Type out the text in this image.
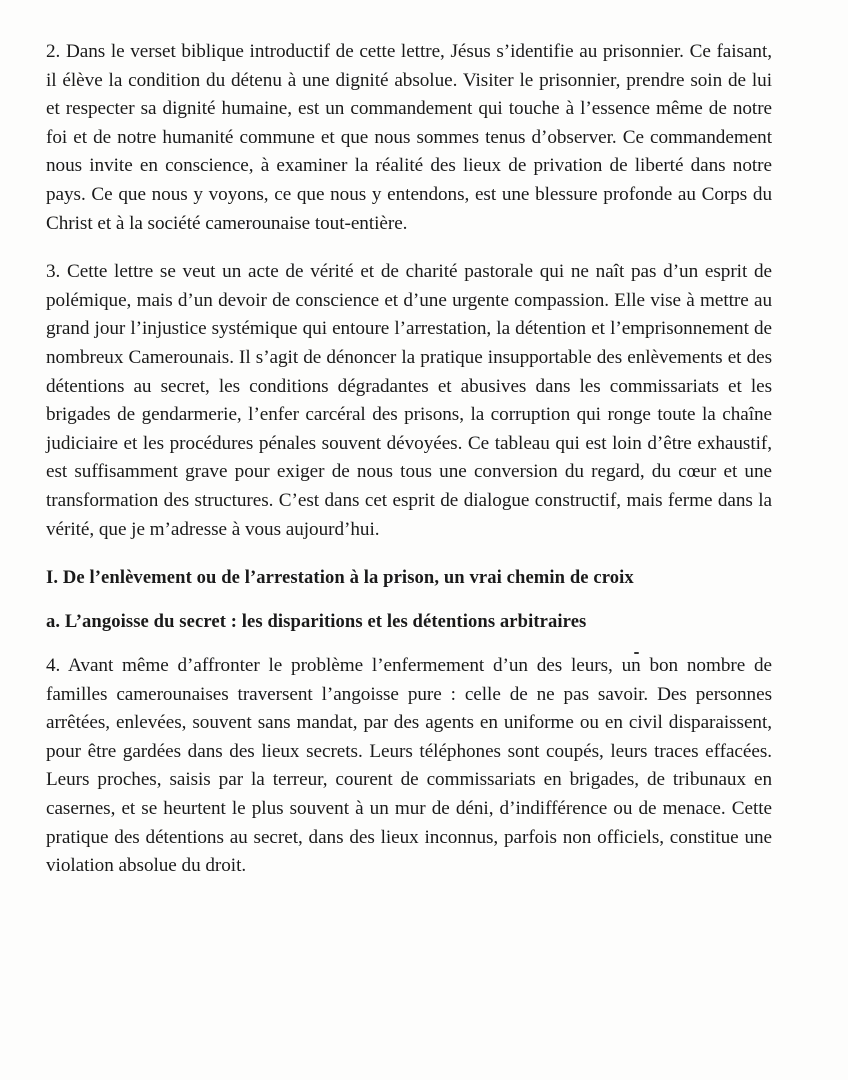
2. Dans le verset biblique introductif de cette lettre, Jésus s’identifie au prisonnier. Ce faisant, il élève la condition du détenu à une dignité absolue. Visiter le prisonnier, prendre soin de lui et respecter sa dignité humaine, est un commandement qui touche à l’essence même de notre foi et de notre humanité commune et que nous sommes tenus d’observer. Ce commandement nous invite en conscience, à examiner la réalité des lieux de privation de liberté dans notre pays. Ce que nous y voyons, ce que nous y entendons, est une blessure profonde au Corps du Christ et à la société camerounaise tout-entière.

3. Cette lettre se veut un acte de vérité et de charité pastorale qui ne naît pas d’un esprit de polémique, mais d’un devoir de conscience et d’une urgente compassion. Elle vise à mettre au grand jour l’injustice systémique qui entoure l’arrestation, la détention et l’emprisonnement de nombreux Camerounais. Il s’agit de dénoncer la pratique insupportable des enlèvements et des détentions au secret, les conditions dégradantes et abusives dans les commissariats et les brigades de gendarmerie, l’enfer carcéral des prisons, la corruption qui ronge toute la chaîne judiciaire et les procédures pénales souvent dévoyées. Ce tableau qui est loin d’être exhaustif, est suffisamment grave pour exiger de nous tous une conversion du regard, du cœur et une transformation des structures. C’est dans cet esprit de dialogue constructif, mais ferme dans la vérité, que je m’adresse à vous aujourd’hui.

I. De l’enlèvement ou de l’arrestation à la prison, un vrai chemin de croix
a. L’angoisse du secret : les disparitions et les détentions arbitraires

4. Avant même d’affronter le problème l’enfermement d’un des leurs, un bon nombre de familles camerounaises traversent l’angoisse pure : celle de ne pas savoir. Des personnes arrêtées, enlevées, souvent sans mandat, par des agents en uniforme ou en civil disparaissent, pour être gardées dans des lieux secrets. Leurs téléphones sont coupés, leurs traces effacées. Leurs proches, saisis par la terreur, courent de commissariats en brigades, de tribunaux en casernes, et se heurtent le plus souvent à un mur de déni, d’indifférence ou de menace. Cette pratique des détentions au secret, dans des lieux inconnus, parfois non officiels, constitue une violation absolue du droit.
